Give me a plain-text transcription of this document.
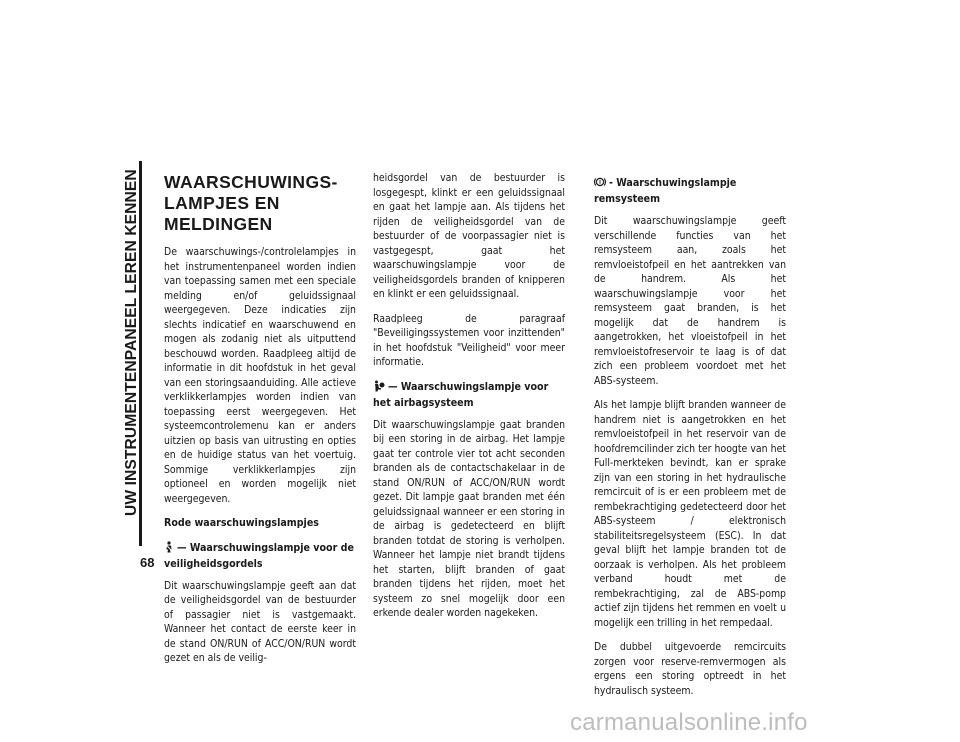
UW INSTRUMENTENPANEEL LEREN KENNEN
68
WAARSCHUWINGS-
LAMPJES EN MELDINGEN

De waarschuwings-/controlelampjes in het instrumentenpaneel worden indien van toepassing samen met een speciale melding en/of geluidssignaal weergegeven. Deze indicaties zijn slechts indicatief en waarschuwend en mogen als zodanig niet als uitputtend beschouwd worden. Raadpleeg altijd de informatie in dit hoofdstuk in het geval van een storingsaanduiding. Alle actieve verklikkerlampjes worden indien van toepassing eerst weergegeven. Het systeemcontrolemenu kan er anders uitzien op basis van uitrusting en opties en de huidige status van het voertuig. Sommige verklikkerlampjes zijn optioneel en worden mogelijk niet weergegeven.

Rode waarschuwingslampjes
— Waarschuwingslampje voor de veiligheidsgordels

Dit waarschuwingslampje geeft aan dat de veiligheidsgordel van de bestuurder of passagier niet is vastgemaakt. Wanneer het contact de eerste keer in de stand ON/RUN of ACC/ON/RUN wordt gezet en als de veilig-

heidsgordel van de bestuurder is losgegespt, klinkt er een geluidssignaal en gaat het lampje aan. Als tijdens het rijden de veiligheidsgordel van de bestuurder of de voorpassagier niet is vastgegespt, gaat het waarschuwingslampje voor de veiligheidsgordels branden of knipperen en klinkt er een geluidssignaal.

Raadpleeg de paragraaf "Beveiligingssystemen voor inzittenden" in het hoofdstuk "Veiligheid" voor meer informatie.

— Waarschuwingslampje voor het airbagsysteem

Dit waarschuwingslampje gaat branden bij een storing in de airbag. Het lampje gaat ter controle vier tot acht seconden branden als de contactschakelaar in de stand ON/RUN of ACC/ON/RUN wordt gezet. Dit lampje gaat branden met één geluidssignaal wanneer er een storing in de airbag is gedetecteerd en blijft branden totdat de storing is verholpen. Wanneer het lampje niet brandt tijdens het starten, blijft branden of gaat branden tijdens het rijden, moet het systeem zo snel mogelijk door een erkende dealer worden nagekeken.

- Waarschuwingslampje remsysteem

Dit waarschuwingslampje geeft verschillende functies van het remsysteem aan, zoals het remvloeistofpeil en het aantrekken van de handrem. Als het waarschuwingslampje voor het remsysteem gaat branden, is het mogelijk dat de handrem is aangetrokken, het vloeistofpeil in het remvloeistofreservoir te laag is of dat zich een probleem voordoet met het ABS-systeem.

Als het lampje blijft branden wanneer de handrem niet is aangetrokken en het remvloeistofpeil in het reservoir van de hoofdremcilinder zich ter hoogte van het Full-merkteken bevindt, kan er sprake zijn van een storing in het hydraulische remcircuit of is er een probleem met de rembekrachtiging gedetecteerd door het ABS-systeem / elektronisch stabiliteitsregelsysteem (ESC). In dat geval blijft het lampje branden tot de oorzaak is verholpen. Als het probleem verband houdt met de rembekrachtiging, zal de ABS-pomp actief zijn tijdens het remmen en voelt u mogelijk een trilling in het rempedaal.

De dubbel uitgevoerde remcircuits zorgen voor reserve-remvermogen als ergens een storing optreedt in het hydraulisch systeem.

carmanualsonline.info
